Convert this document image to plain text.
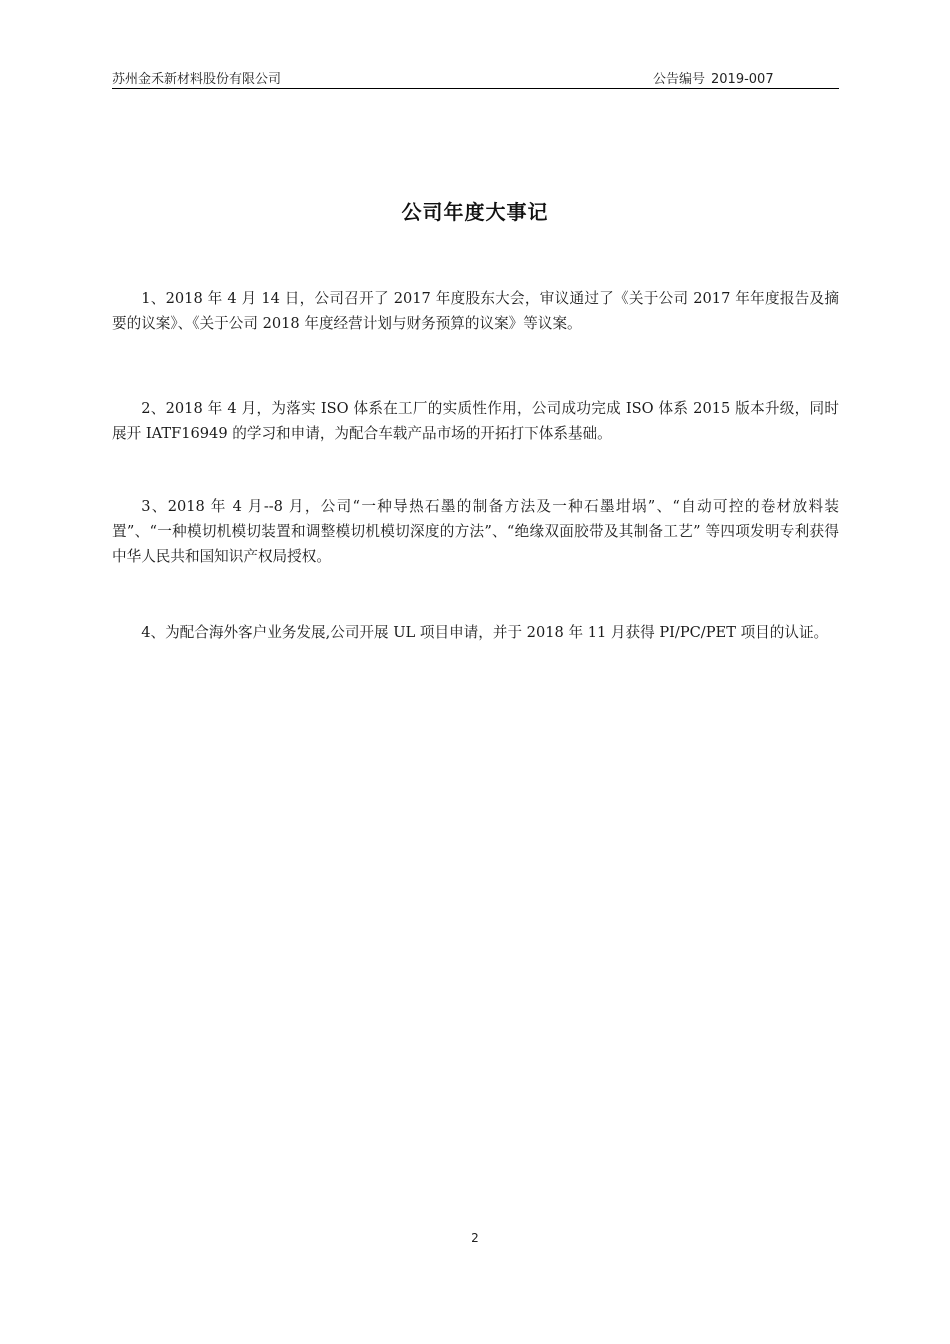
苏州金禾新材料股份有限公司	公告编号 2019-007
公司年度大事记

1、2018 年 4 月 14 日，公司召开了 2017 年度股东大会，审议通过了《关于公司 2017 年年度报告及摘要的议案》、《关于公司 2018 年度经营计划与财务预算的议案》等议案。

2、2018 年 4 月，为落实 ISO 体系在工厂的实质性作用，公司成功完成 ISO 体系 2015 版本升级，同时展开 IATF16949 的学习和申请，为配合车载产品市场的开拓打下体系基础。

3、2018 年 4 月--8 月，公司“一种导热石墨的制备方法及一种石墨坩埚”、“自动可控的卷材放料装置”、“一种模切机模切装置和调整模切机模切深度的方法”、“绝缘双面胶带及其制备工艺” 等四项发明专利获得中华人民共和国知识产权局授权。

4、为配合海外客户业务发展,公司开展 UL 项目申请，并于 2018 年 11 月获得 PI/PC/PET 项目的认证。

2
